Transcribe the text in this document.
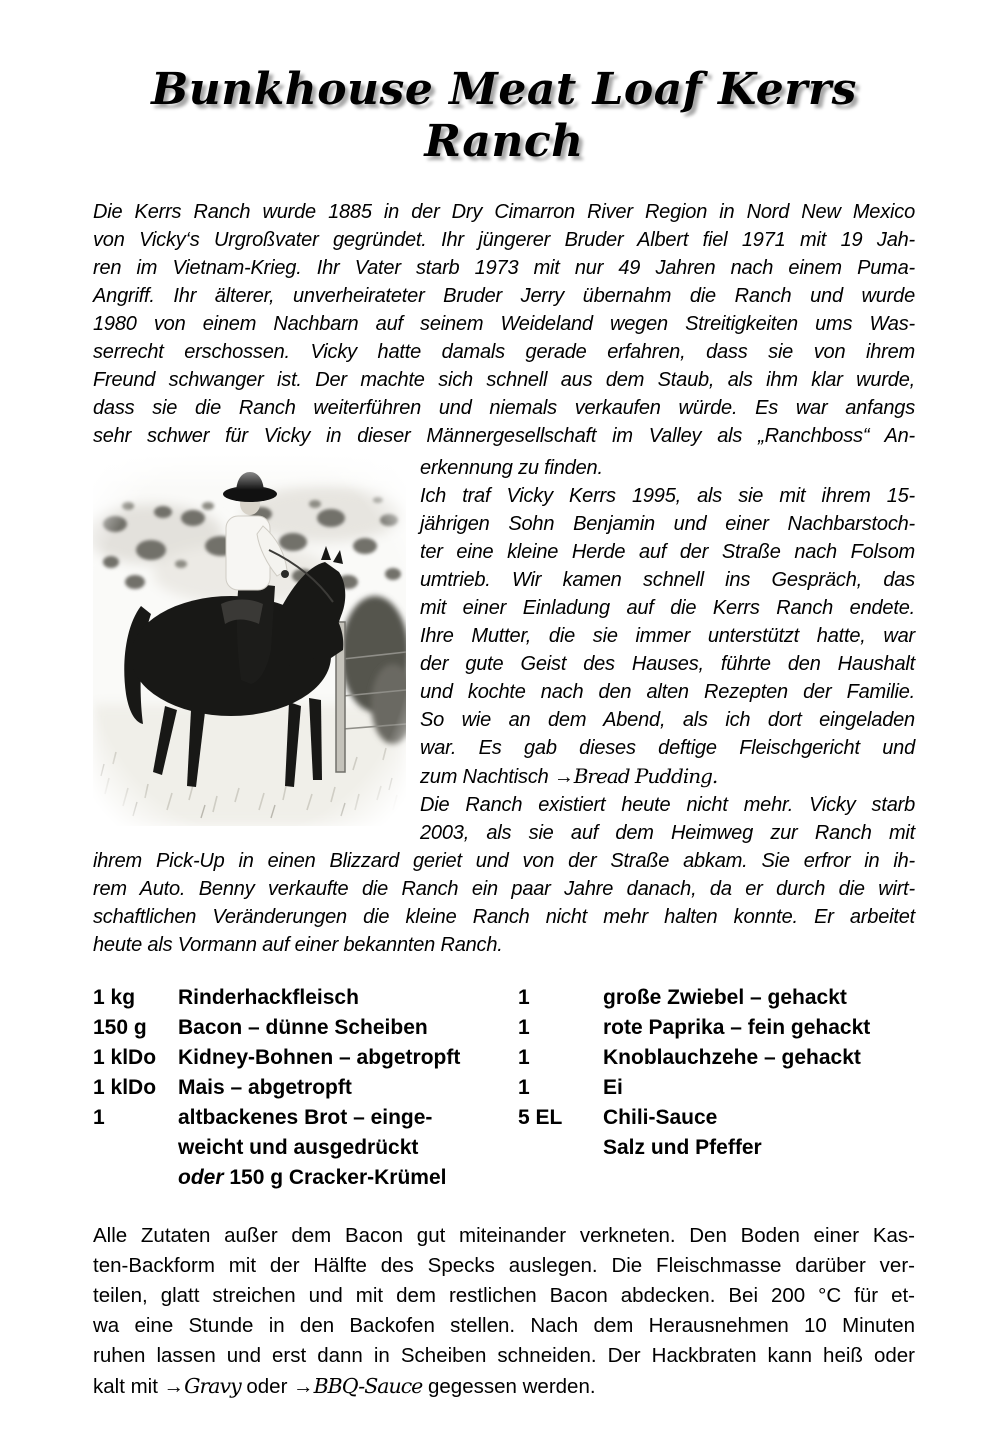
Bunkhouse Meat Loaf Kerrs Ranch
Die Kerrs Ranch wurde 1885 in der Dry Cimarron River Region in Nord New Mexico
von Vicky‘s Urgroßvater gegründet. Ihr jüngerer Bruder Albert fiel 1971 mit 19 Jah-
ren im Vietnam-Krieg. Ihr Vater starb 1973 mit nur 49 Jahren nach einem Puma-
Angriff. Ihr älterer, unverheirateter Bruder Jerry übernahm die Ranch und wurde
1980 von einem Nachbarn auf seinem Weideland wegen Streitigkeiten ums Was-
serrecht erschossen. Vicky hatte damals gerade erfahren, dass sie von ihrem
Freund schwanger ist. Der machte sich schnell aus dem Staub, als ihm klar wurde,
dass sie die Ranch weiterführen und niemals verkaufen würde. Es war anfangs
sehr schwer für Vicky in dieser Männergesellschaft im Valley als „Ranchboss“ An-
erkennung zu finden.
Ich traf Vicky Kerrs 1995, als sie mit ihrem 15-
jährigen Sohn Benjamin und einer Nachbarstoch-
ter eine kleine Herde auf der Straße nach Folsom
umtrieb. Wir kamen schnell ins Gespräch, das
mit einer Einladung auf die Kerrs Ranch endete.
Ihre Mutter, die sie immer unterstützt hatte, war
der gute Geist des Hauses, führte den Haushalt
und kochte nach den alten Rezepten der Familie.
So wie an dem Abend, als ich dort eingeladen
war. Es gab dieses deftige Fleischgericht und
zum Nachtisch →Bread Pudding.
Die Ranch existiert heute nicht mehr. Vicky starb
2003, als sie auf dem Heimweg zur Ranch mit
ihrem Pick-Up in einen Blizzard geriet und von der Straße abkam. Sie erfror in ih-
rem Auto. Benny verkaufte die Ranch ein paar Jahre danach, da er durch die wirt-
schaftlichen Veränderungen die kleine Ranch nicht mehr halten konnte. Er arbeitet
heute als Vormann auf einer bekannten Ranch.
1 kg	Rinderhackfleisch
150 g	Bacon – dünne Scheiben
1 klDo	Kidney-Bohnen – abgetropft
1 klDo	Mais – abgetropft
1	altbackenes Brot – einge-
weicht und ausgedrückt
oder 150 g Cracker-Krümel
1	große Zwiebel – gehackt
1	rote Paprika – fein gehackt
1	Knoblauchzehe – gehackt
1	Ei
5 EL	Chili-Sauce
Salz und Pfeffer
Alle Zutaten außer dem Bacon gut miteinander verkneten. Den Boden einer Kas-
ten-Backform mit der Hälfte des Specks auslegen. Die Fleischmasse darüber ver-
teilen, glatt streichen und mit dem restlichen Bacon abdecken. Bei 200 °C für et-
wa eine Stunde in den Backofen stellen. Nach dem Herausnehmen 10 Minuten
ruhen lassen und erst dann in Scheiben schneiden. Der Hackbraten kann heiß oder
kalt mit →Gravy oder →BBQ-Sauce gegessen werden.
